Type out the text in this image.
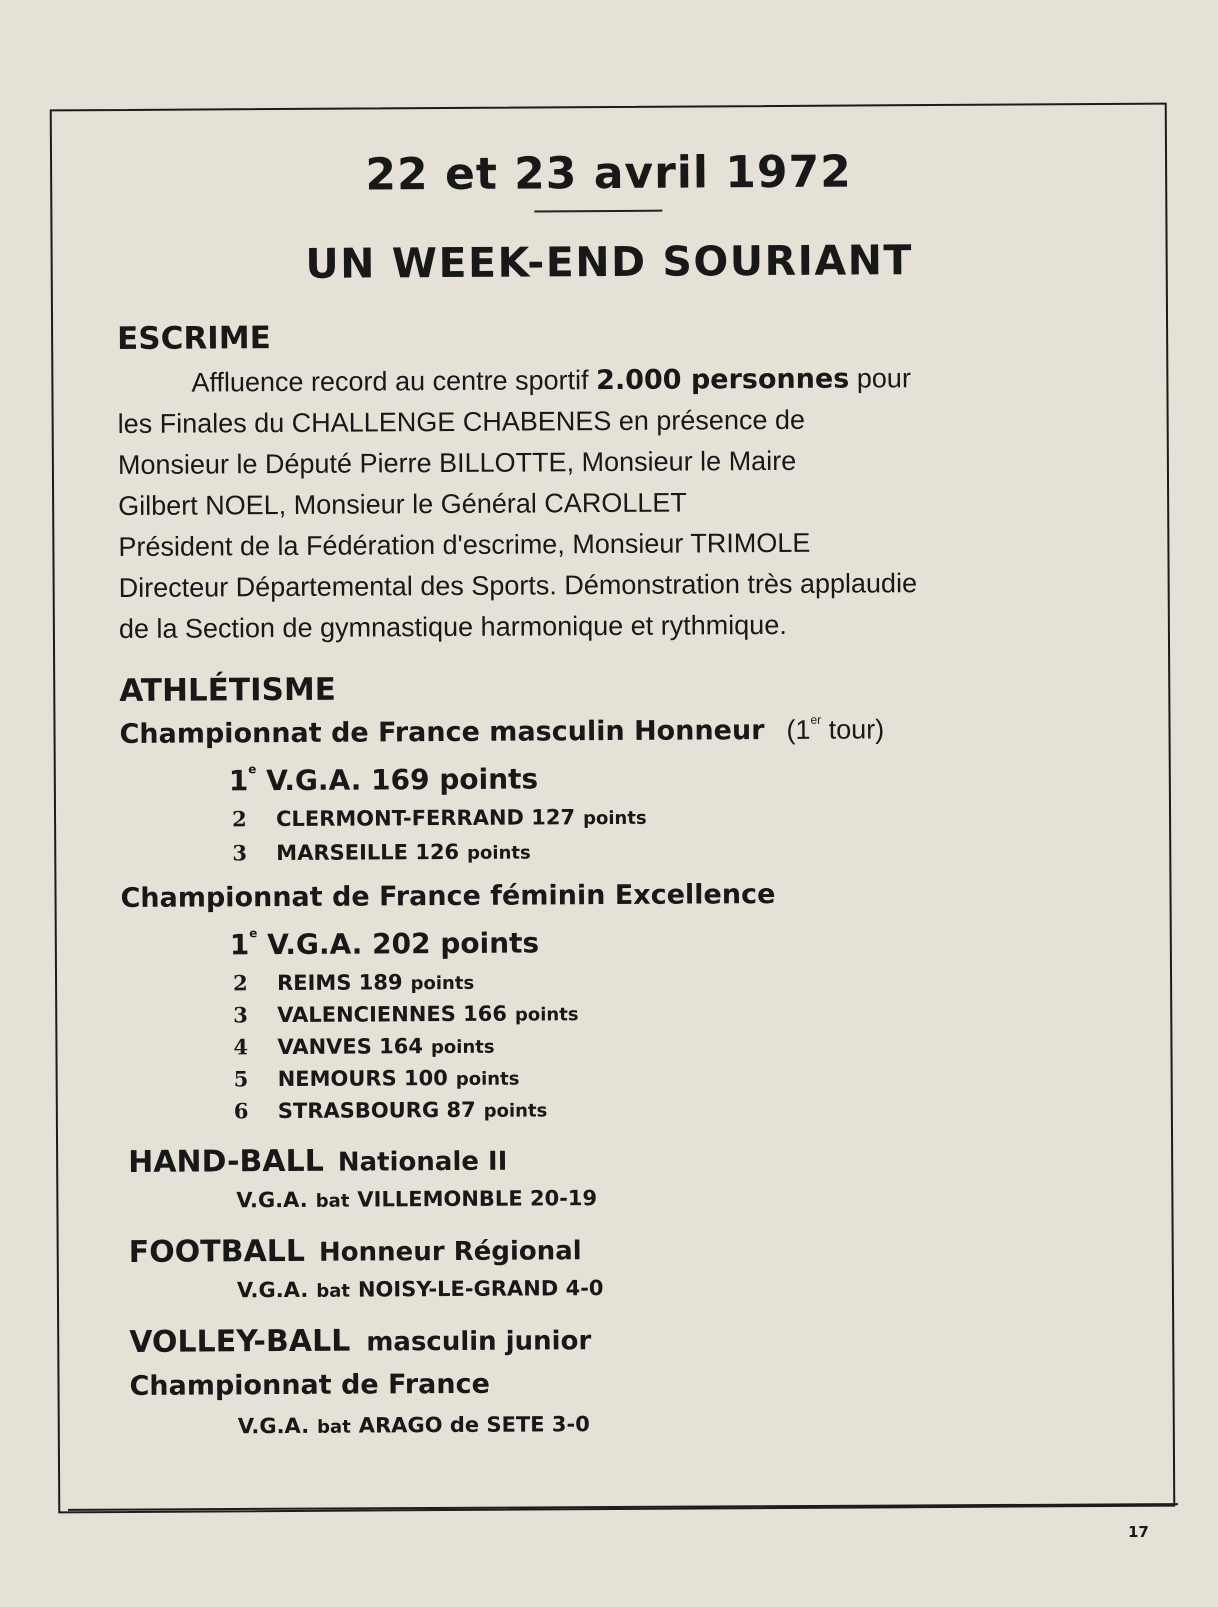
22 et 23 avril 1972
UN WEEK-END SOURIANT
ESCRIME
Affluence record au centre sportif 2.000 personnes pour
les Finales du CHALLENGE CHABENES en présence de
Monsieur le Député Pierre BILLOTTE, Monsieur le Maire
Gilbert NOEL, Monsieur le Général CAROLLET
Président de la Fédération d'escrime, Monsieur TRIMOLE
Directeur Départemental des Sports. Démonstration très applaudie
de la Section de gymnastique harmonique et rythmique.
ATHLÉTISME
Championnat de France masculin Honneur (1er tour)
1e V.G.A. 169 points
2 CLERMONT-FERRAND 127 points
3 MARSEILLE 126 points
Championnat de France féminin Excellence
1e V.G.A. 202 points
2 REIMS 189 points
3 VALENCIENNES 166 points
4 VANVES 164 points
5 NEMOURS 100 points
6 STRASBOURG 87 points
HAND-BALL Nationale II
V.G.A. bat VILLEMONBLE 20-19
FOOTBALL Honneur Régional
V.G.A. bat NOISY-LE-GRAND 4-0
VOLLEY-BALL masculin junior
Championnat de France
V.G.A. bat ARAGO de SETE 3-0
17
